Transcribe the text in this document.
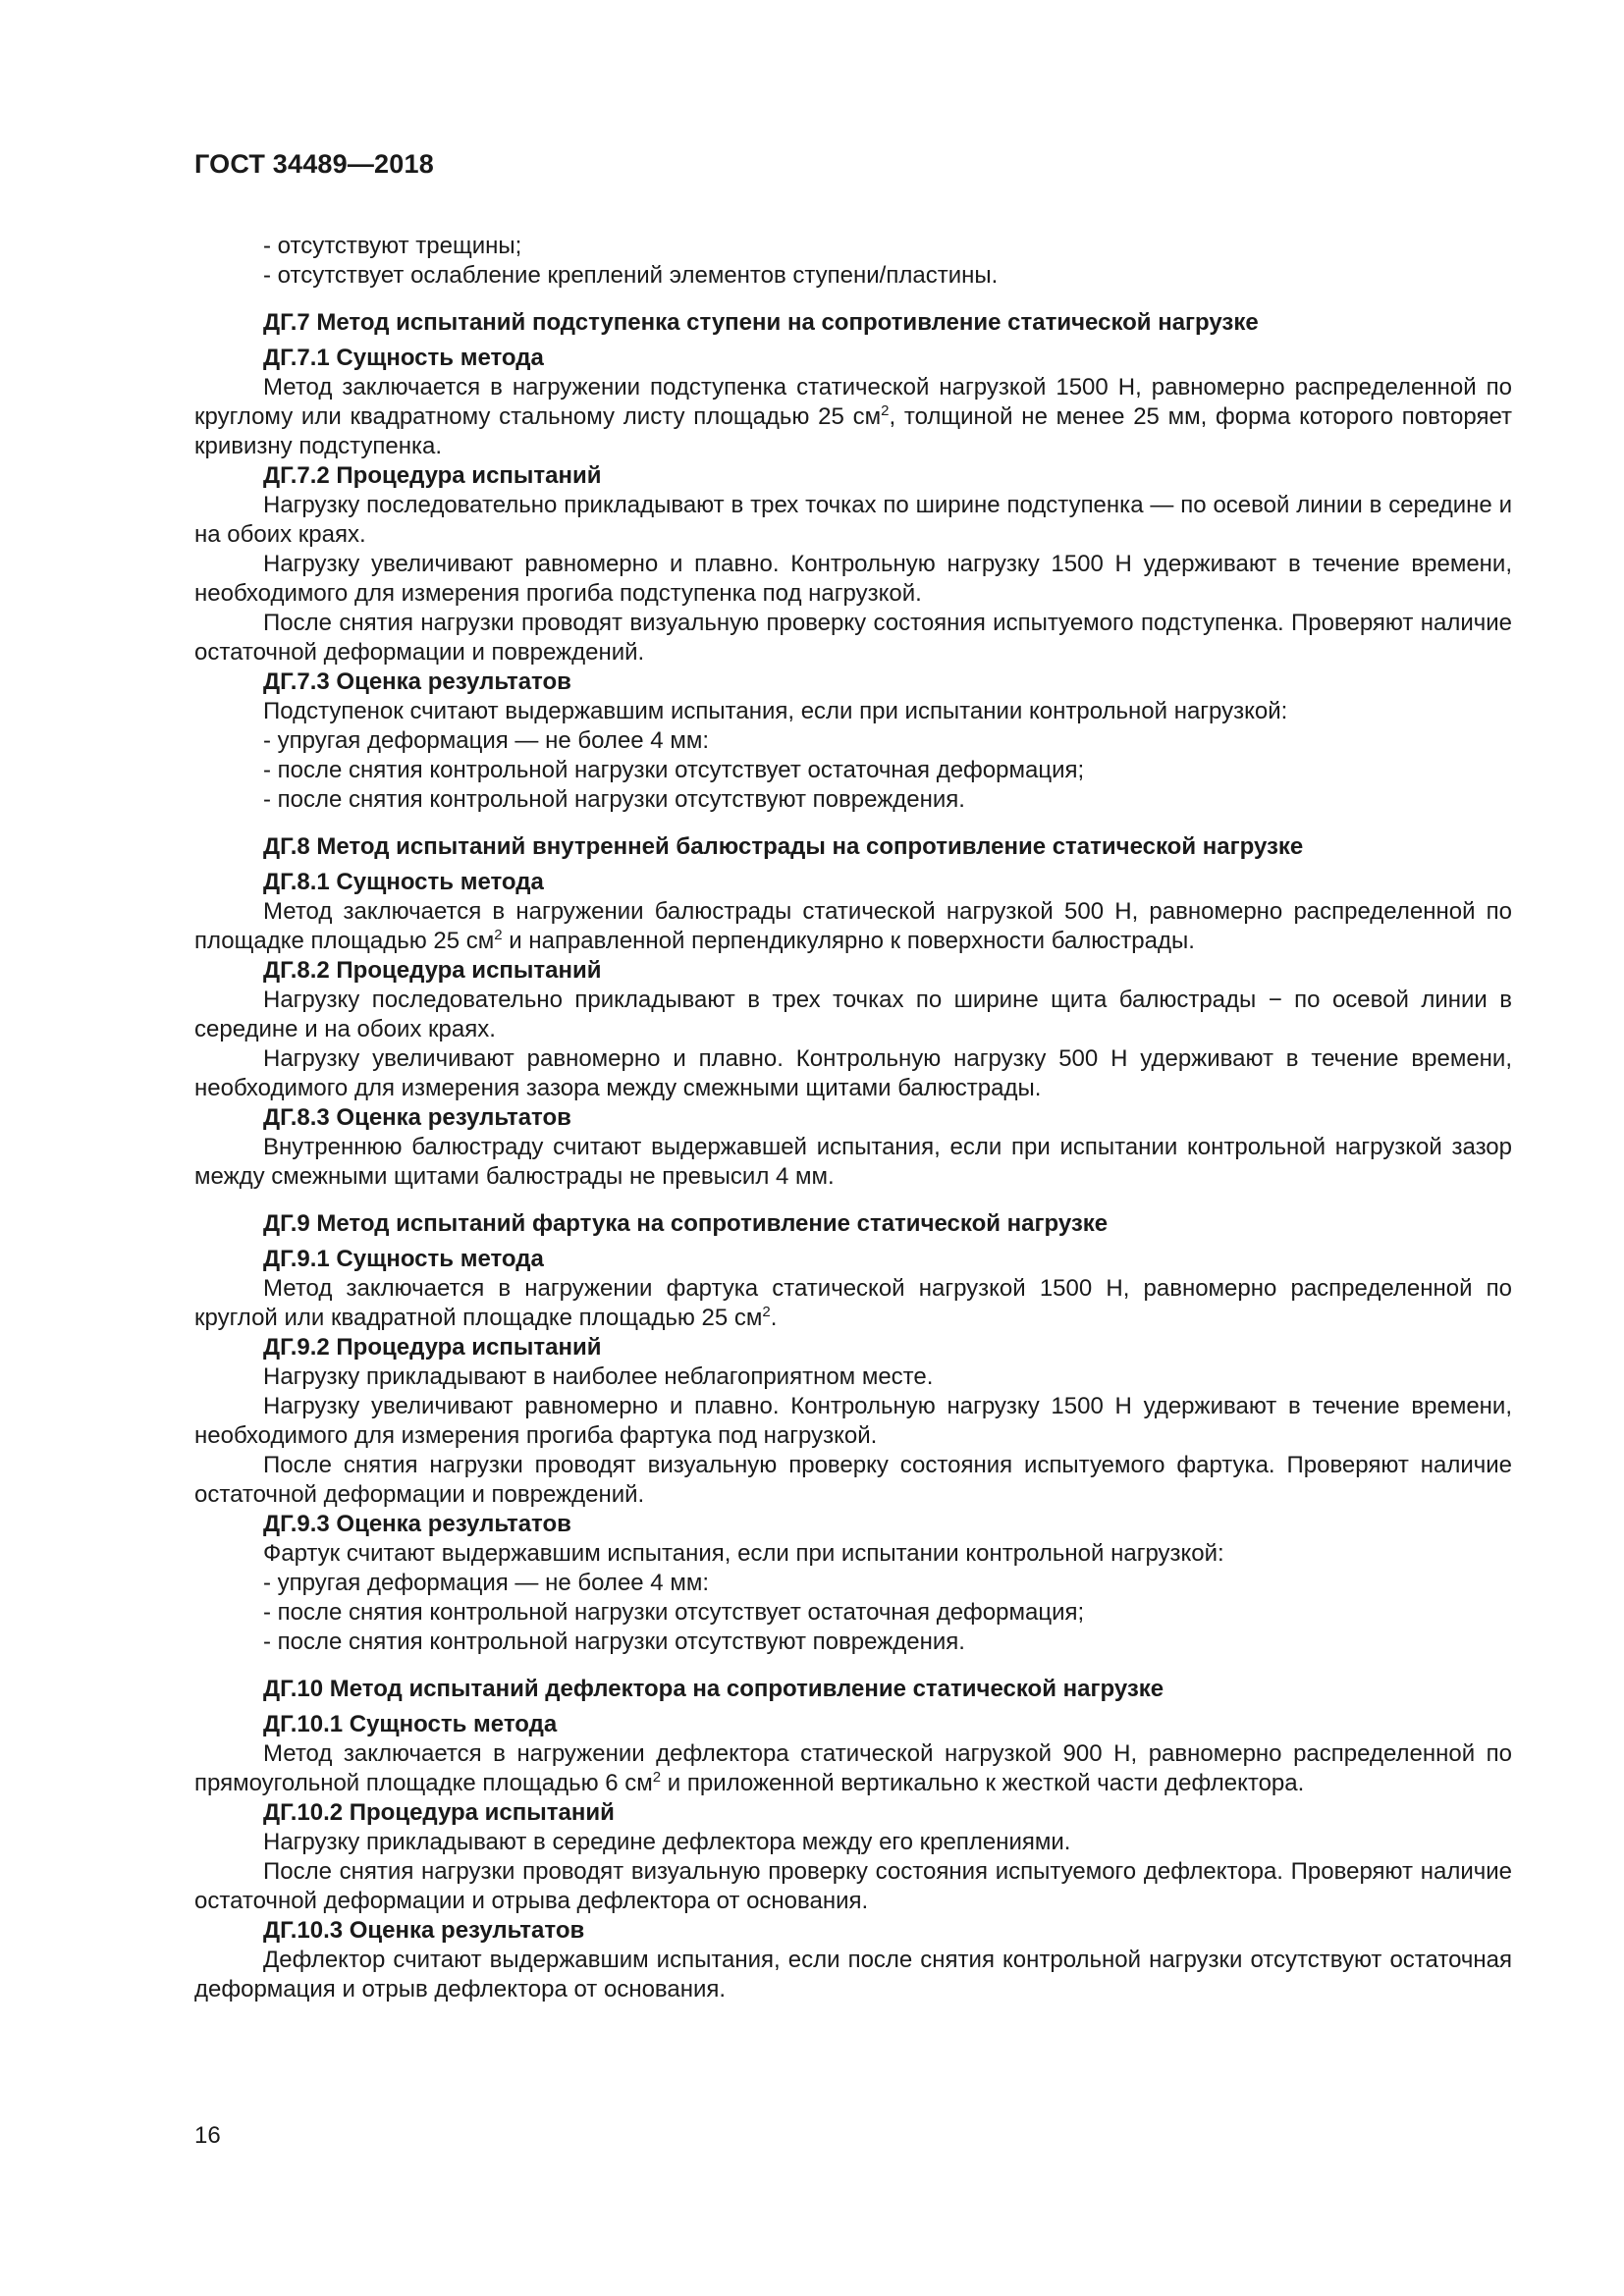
ГОСТ 34489—2018

- отсутствуют трещины;

- отсутствует ослабление креплений элементов ступени/пластины.

ДГ.7 Метод испытаний подступенка ступени на сопротивление статической нагрузке

ДГ.7.1 Сущность метода

Метод заключается в нагружении подступенка статической нагрузкой 1500 Н, равномерно распределенной по круглому или квадратному стальному листу площадью 25 $см^2$, толщиной не менее 25 мм, форма которого повторяет кривизну подступенка.

ДГ.7.2 Процедура испытаний

Нагрузку последовательно прикладывают в трех точках по ширине подступенка — по осевой линии в середине и на обоих краях.

Нагрузку увеличивают равномерно и плавно. Контрольную нагрузку 1500 Н удерживают в течение времени, необходимого для измерения прогиба подступенка под нагрузкой.

После снятия нагрузки проводят визуальную проверку состояния испытуемого подступенка. Проверяют наличие остаточной деформации и повреждений.

ДГ.7.3 Оценка результатов

Подступенок считают выдержавшим испытания, если при испытании контрольной нагрузкой:

- упругая деформация — не более 4 мм:

- после снятия контрольной нагрузки отсутствует остаточная деформация;

- после снятия контрольной нагрузки отсутствуют повреждения.

ДГ.8 Метод испытаний внутренней балюстрады на сопротивление статической нагрузке

ДГ.8.1 Сущность метода

Метод заключается в нагружении балюстрады статической нагрузкой 500 Н, равномерно распределенной по площадке площадью 25 $см^2$ и направленной перпендикулярно к поверхности балюстрады.

ДГ.8.2 Процедура испытаний

Нагрузку последовательно прикладывают в трех точках по ширине щита балюстрады − по осевой линии в середине и на обоих краях.

Нагрузку увеличивают равномерно и плавно. Контрольную нагрузку 500 Н удерживают в течение времени, необходимого для измерения зазора между смежными щитами балюстрады.

ДГ.8.3 Оценка результатов

Внутреннюю балюстраду считают выдержавшей испытания, если при испытании контрольной нагрузкой зазор между смежными щитами балюстрады не превысил 4 мм.

ДГ.9 Метод испытаний фартука на сопротивление статической нагрузке

ДГ.9.1 Сущность метода

Метод заключается в нагружении фартука статической нагрузкой 1500 Н, равномерно распределенной по круглой или квадратной площадке площадью 25 $см^2$.

ДГ.9.2 Процедура испытаний

Нагрузку прикладывают в наиболее неблагоприятном месте.

Нагрузку увеличивают равномерно и плавно. Контрольную нагрузку 1500 Н удерживают в течение времени, необходимого для измерения прогиба фартука под нагрузкой.

После снятия нагрузки проводят визуальную проверку состояния испытуемого фартука. Проверяют наличие остаточной деформации и повреждений.

ДГ.9.3 Оценка результатов

Фартук считают выдержавшим испытания, если при испытании контрольной нагрузкой:

- упругая деформация — не более 4 мм:

- после снятия контрольной нагрузки отсутствует остаточная деформация;

- после снятия контрольной нагрузки отсутствуют повреждения.

ДГ.10 Метод испытаний дефлектора на сопротивление статической нагрузке

ДГ.10.1 Сущность метода

Метод заключается в нагружении дефлектора статической нагрузкой 900 Н, равномерно распределенной по прямоугольной площадке площадью 6 $см^2$ и приложенной вертикально к жесткой части дефлектора.

ДГ.10.2 Процедура испытаний

Нагрузку прикладывают в середине дефлектора между его креплениями.

После снятия нагрузки проводят визуальную проверку состояния испытуемого дефлектора. Проверяют наличие остаточной деформации и отрыва дефлектора от основания.

ДГ.10.3 Оценка результатов

Дефлектор считают выдержавшим испытания, если после снятия контрольной нагрузки отсутствуют остаточная деформация и отрыв дефлектора от основания.

16
